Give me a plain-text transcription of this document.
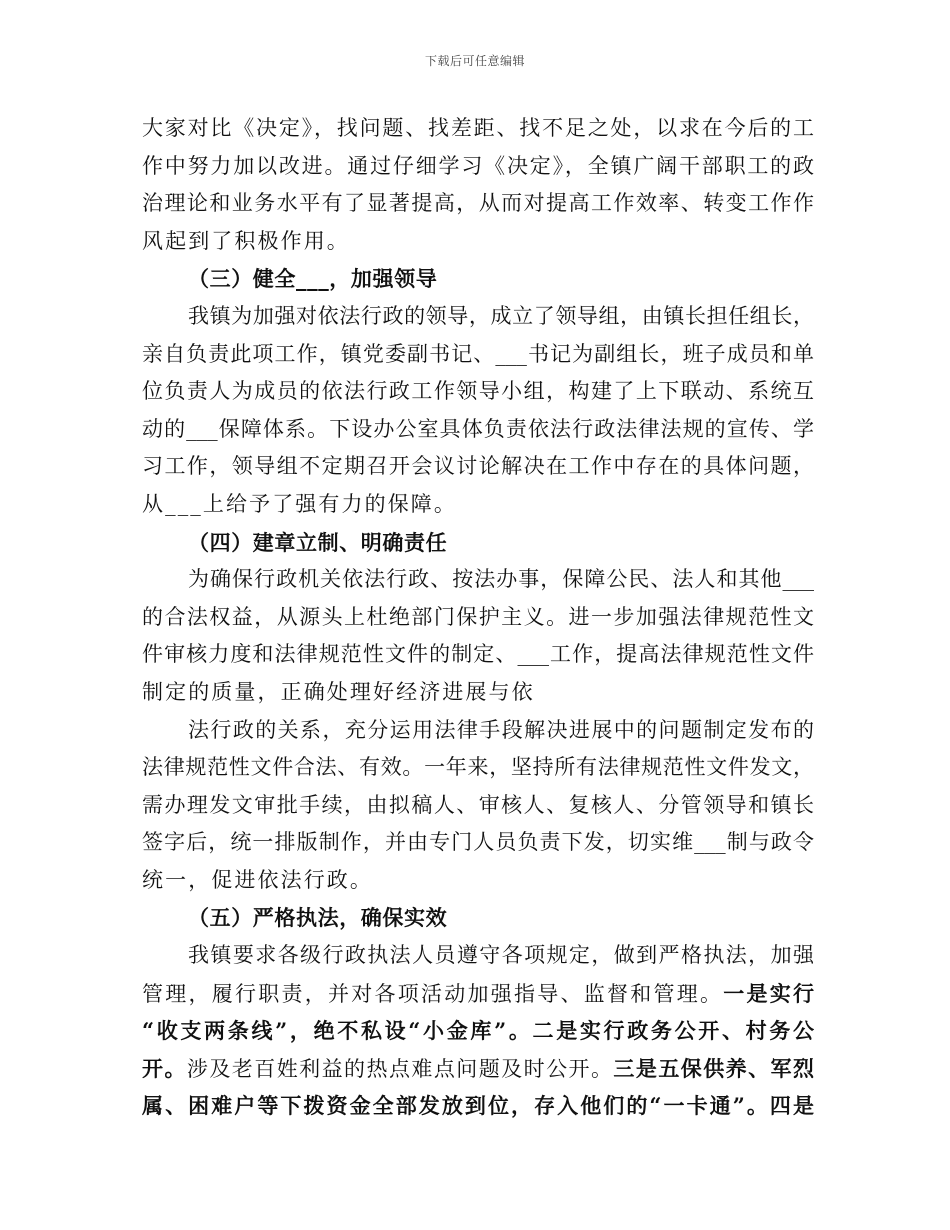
下载后可任意编辑
大家对比《决定》，找问题、找差距、找不足之处，以求在今后的工
作中努力加以改进。通过仔细学习《决定》，全镇广阔干部职工的政
治理论和业务水平有了显著提高，从而对提高工作效率、转变工作作
风起到了积极作用。
（三）健全___，加强领导
我镇为加强对依法行政的领导，成立了领导组，由镇长担任组长，
亲自负责此项工作，镇党委副书记、___书记为副组长，班子成员和单
位负责人为成员的依法行政工作领导小组，构建了上下联动、系统互
动的___保障体系。下设办公室具体负责依法行政法律法规的宣传、学
习工作，领导组不定期召开会议讨论解决在工作中存在的具体问题，
从___上给予了强有力的保障。
（四）建章立制、明确责任
为确保行政机关依法行政、按法办事，保障公民、法人和其他___
的合法权益，从源头上杜绝部门保护主义。进一步加强法律规范性文
件审核力度和法律规范性文件的制定、___工作，提高法律规范性文件
制定的质量，正确处理好经济进展与依
法行政的关系，充分运用法律手段解决进展中的问题制定发布的
法律规范性文件合法、有效。一年来，坚持所有法律规范性文件发文，
需办理发文审批手续，由拟稿人、审核人、复核人、分管领导和镇长
签字后，统一排版制作，并由专门人员负责下发，切实维___制与政令
统一，促进依法行政。
（五）严格执法，确保实效
我镇要求各级行政执法人员遵守各项规定，做到严格执法，加强
管理，履行职责，并对各项活动加强指导、监督和管理。一是实行
“收支两条线”，绝不私设“小金库”。二是实行政务公开、村务公
开。涉及老百姓利益的热点难点问题及时公开。三是五保供养、军烈
属、困难户等下拨资金全部发放到位，存入他们的“一卡通”。四是
